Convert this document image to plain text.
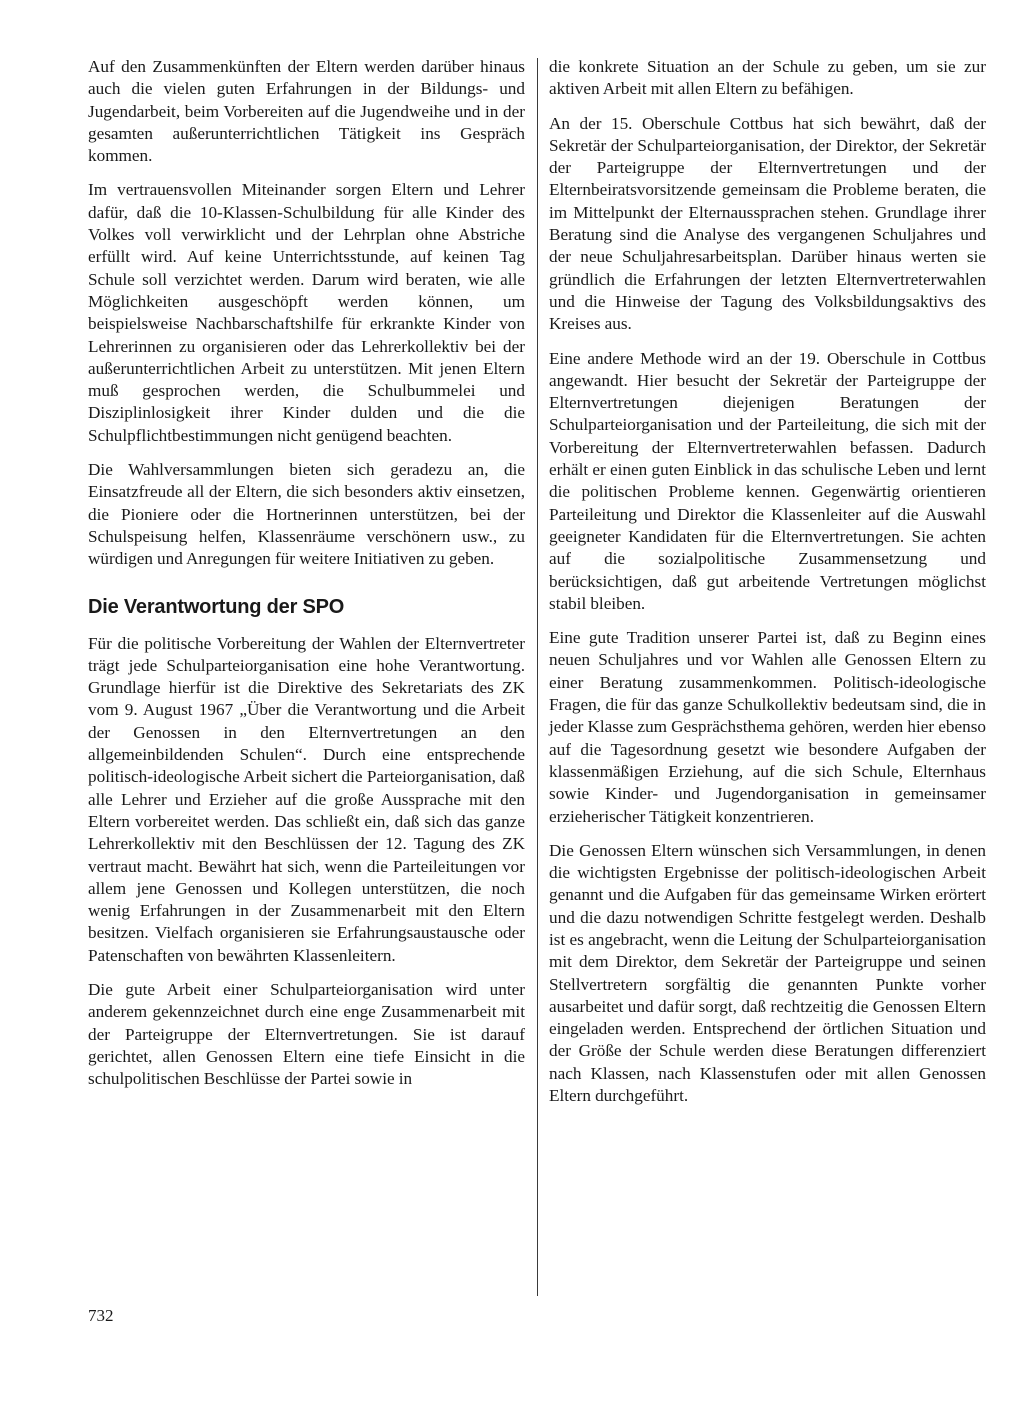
Auf den Zusammenkünften der Eltern werden darüber hinaus auch die vielen guten Erfahrungen in der Bildungs- und Jugendarbeit, beim Vorbereiten auf die Jugendweihe und in der gesamten außerunterrichtlichen Tätigkeit ins Gespräch kommen.

Im vertrauensvollen Miteinander sorgen Eltern und Lehrer dafür, daß die 10-Klassen-Schulbildung für alle Kinder des Volkes voll verwirklicht und der Lehrplan ohne Abstriche erfüllt wird. Auf keine Unterrichtsstunde, auf keinen Tag Schule soll verzichtet werden. Darum wird beraten, wie alle Möglichkeiten ausgeschöpft werden können, um beispielsweise Nachbarschaftshilfe für erkrankte Kinder von Lehrerinnen zu organisieren oder das Lehrerkollektiv bei der außerunterrichtlichen Arbeit zu unterstützen. Mit jenen Eltern muß gesprochen werden, die Schulbummelei und Disziplinlosigkeit ihrer Kinder dulden und die die Schulpflichtbestimmungen nicht genügend beachten.

Die Wahlversammlungen bieten sich geradezu an, die Einsatzfreude all der Eltern, die sich besonders aktiv einsetzen, die Pioniere oder die Hortnerinnen unterstützen, bei der Schulspeisung helfen, Klassenräume verschönern usw., zu würdigen und Anregungen für weitere Initiativen zu geben.

Die Verantwortung der SPO

Für die politische Vorbereitung der Wahlen der Elternvertreter trägt jede Schulparteiorganisation eine hohe Verantwortung. Grundlage hierfür ist die Direktive des Sekretariats des ZK vom 9. August 1967 „Über die Verantwortung und die Arbeit der Genossen in den Elternvertretungen an den allgemeinbildenden Schulen“. Durch eine entsprechende politisch-ideologische Arbeit sichert die Parteiorganisation, daß alle Lehrer und Erzieher auf die große Aussprache mit den Eltern vorbereitet werden. Das schließt ein, daß sich das ganze Lehrerkollektiv mit den Beschlüssen der 12. Tagung des ZK vertraut macht. Bewährt hat sich, wenn die Parteileitungen vor allem jene Genossen und Kollegen unterstützen, die noch wenig Erfahrungen in der Zusammenarbeit mit den Eltern besitzen. Vielfach organisieren sie Erfahrungsaustausche oder Patenschaften von bewährten Klassenleitern.

Die gute Arbeit einer Schulparteiorganisation wird unter anderem gekennzeichnet durch eine enge Zusammenarbeit mit der Parteigruppe der Elternvertretungen. Sie ist darauf gerichtet, allen Genossen Eltern eine tiefe Einsicht in die schulpolitischen Beschlüsse der Partei sowie in

die konkrete Situation an der Schule zu geben, um sie zur aktiven Arbeit mit allen Eltern zu befähigen.

An der 15. Oberschule Cottbus hat sich bewährt, daß der Sekretär der Schulparteiorganisation, der Direktor, der Sekretär der Parteigruppe der Elternvertretungen und der Elternbeiratsvorsitzende gemeinsam die Probleme beraten, die im Mittelpunkt der Elternaussprachen stehen. Grundlage ihrer Beratung sind die Analyse des vergangenen Schuljahres und der neue Schuljahresarbeitsplan. Darüber hinaus werten sie gründlich die Erfahrungen der letzten Elternvertreterwahlen und die Hinweise der Tagung des Volksbildungsaktivs des Kreises aus.

Eine andere Methode wird an der 19. Oberschule in Cottbus angewandt. Hier besucht der Sekretär der Parteigruppe der Elternvertretungen diejenigen Beratungen der Schulparteiorganisation und der Parteileitung, die sich mit der Vorbereitung der Elternvertreterwahlen befassen. Dadurch erhält er einen guten Einblick in das schulische Leben und lernt die politischen Probleme kennen. Gegenwärtig orientieren Parteileitung und Direktor die Klassenleiter auf die Auswahl geeigneter Kandidaten für die Elternvertretungen. Sie achten auf die sozialpolitische Zusammensetzung und berücksichtigen, daß gut arbeitende Vertretungen möglichst stabil bleiben.

Eine gute Tradition unserer Partei ist, daß zu Beginn eines neuen Schuljahres und vor Wahlen alle Genossen Eltern zu einer Beratung zusammenkommen. Politisch-ideologische Fragen, die für das ganze Schulkollektiv bedeutsam sind, die in jeder Klasse zum Gesprächsthema gehören, werden hier ebenso auf die Tagesordnung gesetzt wie besondere Aufgaben der klassenmäßigen Erziehung, auf die sich Schule, Elternhaus sowie Kinder- und Jugendorganisation in gemeinsamer erzieherischer Tätigkeit konzentrieren.

Die Genossen Eltern wünschen sich Versammlungen, in denen die wichtigsten Ergebnisse der politisch-ideologischen Arbeit genannt und die Aufgaben für das gemeinsame Wirken erörtert und die dazu notwendigen Schritte festgelegt werden. Deshalb ist es angebracht, wenn die Leitung der Schulparteiorganisation mit dem Direktor, dem Sekretär der Parteigruppe und seinen Stellvertretern sorgfältig die genannten Punkte vorher ausarbeitet und dafür sorgt, daß rechtzeitig die Genossen Eltern eingeladen werden. Entsprechend der örtlichen Situation und der Größe der Schule werden diese Beratungen differenziert nach Klassen, nach Klassenstufen oder mit allen Genossen Eltern durchgeführt.

732
